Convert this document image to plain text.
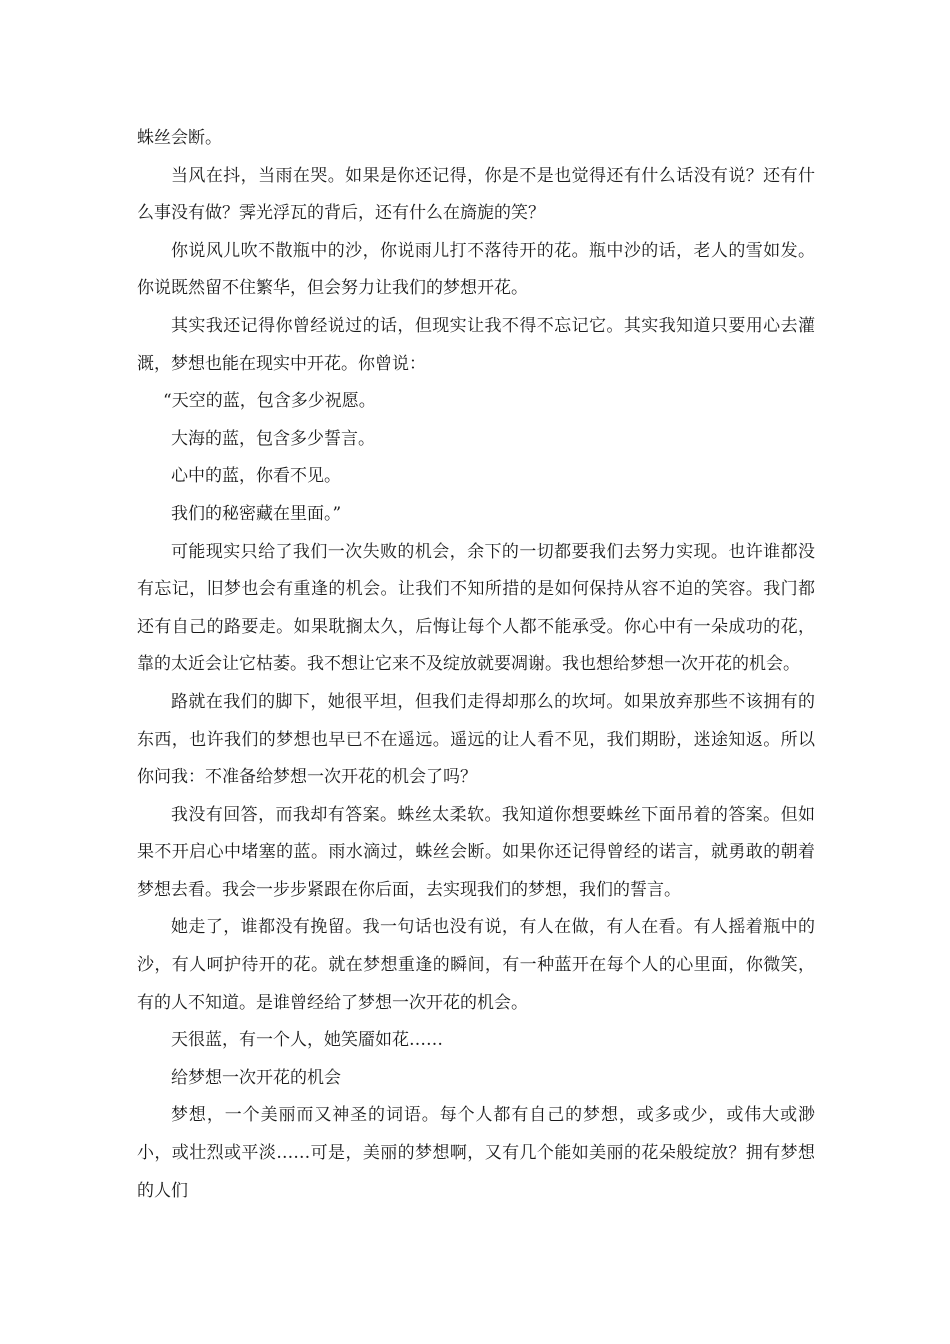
蛛丝会断。

当风在抖，当雨在哭。如果是你还记得，你是不是也觉得还有什么话没有说？还有什么事没有做？霁光浮瓦的背后，还有什么在旖旎的笑？

你说风儿吹不散瓶中的沙，你说雨儿打不落待开的花。瓶中沙的话，老人的雪如发。你说既然留不住繁华，但会努力让我们的梦想开花。

其实我还记得你曾经说过的话，但现实让我不得不忘记它。其实我知道只要用心去灌溉，梦想也能在现实中开花。你曾说：

“天空的蓝，包含多少祝愿。

大海的蓝，包含多少誓言。

心中的蓝，你看不见。

我们的秘密藏在里面。”

可能现实只给了我们一次失败的机会，余下的一切都要我们去努力实现。也许谁都没有忘记，旧梦也会有重逢的机会。让我们不知所措的是如何保持从容不迫的笑容。我门都还有自己的路要走。如果耽搁太久，后悔让每个人都不能承受。你心中有一朵成功的花，靠的太近会让它枯萎。我不想让它来不及绽放就要凋谢。我也想给梦想一次开花的机会。

路就在我们的脚下，她很平坦，但我们走得却那么的坎坷。如果放弃那些不该拥有的东西，也许我们的梦想也早已不在遥远。遥远的让人看不见，我们期盼，迷途知返。所以你问我：不准备给梦想一次开花的机会了吗？

我没有回答，而我却有答案。蛛丝太柔软。我知道你想要蛛丝下面吊着的答案。但如果不开启心中堵塞的蓝。雨水滴过，蛛丝会断。如果你还记得曾经的诺言，就勇敢的朝着梦想去看。我会一步步紧跟在你后面，去实现我们的梦想，我们的誓言。

她走了，谁都没有挽留。我一句话也没有说，有人在做，有人在看。有人摇着瓶中的沙，有人呵护待开的花。就在梦想重逢的瞬间，有一种蓝开在每个人的心里面，你微笑，有的人不知道。是谁曾经给了梦想一次开花的机会。

天很蓝，有一个人，她笑靥如花……

给梦想一次开花的机会

梦想，一个美丽而又神圣的词语。每个人都有自己的梦想，或多或少，或伟大或渺小，或壮烈或平淡……可是，美丽的梦想啊，又有几个能如美丽的花朵般绽放？拥有梦想的人们
